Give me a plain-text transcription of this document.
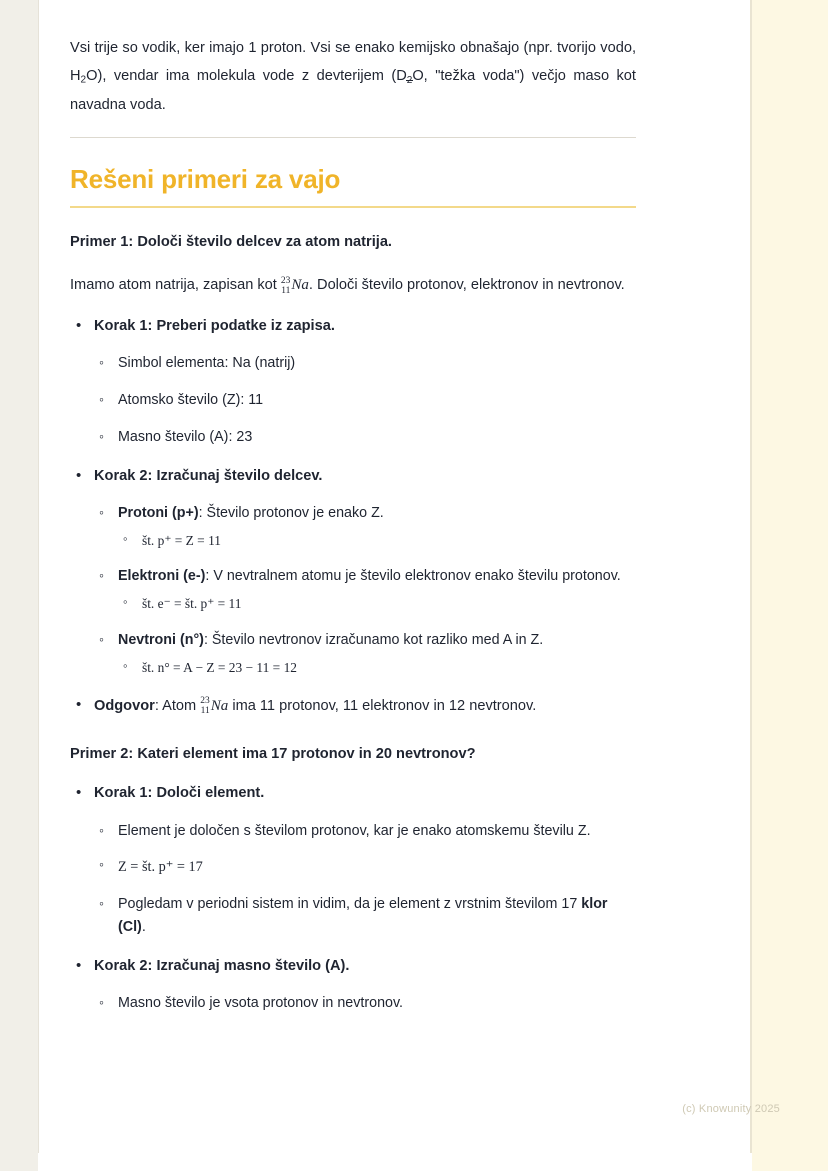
Vsi trije so vodik, ker imajo 1 proton. Vsi se enako kemijsko obnašajo (npr. tvorijo vodo, $H_2O$), vendar ima molekula vode z devterijem ($D_2O$, "težka voda") večjo maso kot navadna voda.

Rešeni primeri za vajo
Primer 1: Določi število delcev za atom natrija.

Imamo atom natrija, zapisan kot 23
11 Na. Določi število protonov, elektronov in nevtronov.

• Korak 1: Preberi podatke iz zapisa.
◦ Simbol elementa: Na (natrij)
◦ Atomsko število (Z): 11
◦ Masno število (A): 23
• Korak 2: Izračunaj število delcev.
◦ Protoni (p+): Število protonov je enako Z.
◦ št. p⁺ = Z = 11
◦ Elektroni (e-): V nevtralnem atomu je število elektronov enako številu protonov.
◦ št. e⁻ = št. p⁺ = 11
◦ Nevtroni (n°): Število nevtronov izračunamo kot razliko med A in Z.
◦ št. n° = A − Z = 23 − 11 = 12
• Odgovor: Atom 23
11 Na ima 11 protonov, 11 elektronov in 12 nevtronov.
Primer 2: Kateri element ima 17 protonov in 20 nevtronov?
• Korak 1: Določi element.
◦ Element je določen s številom protonov, kar je enako atomskemu številu Z.
◦ Z = št. p⁺ = 17
◦ Pogledam v periodni sistem in vidim, da je element z vrstnim številom 17 klor (Cl).
• Korak 2: Izračunaj masno število (A).
◦ Masno število je vsota protonov in nevtronov.
(c) Knowunity 2025
